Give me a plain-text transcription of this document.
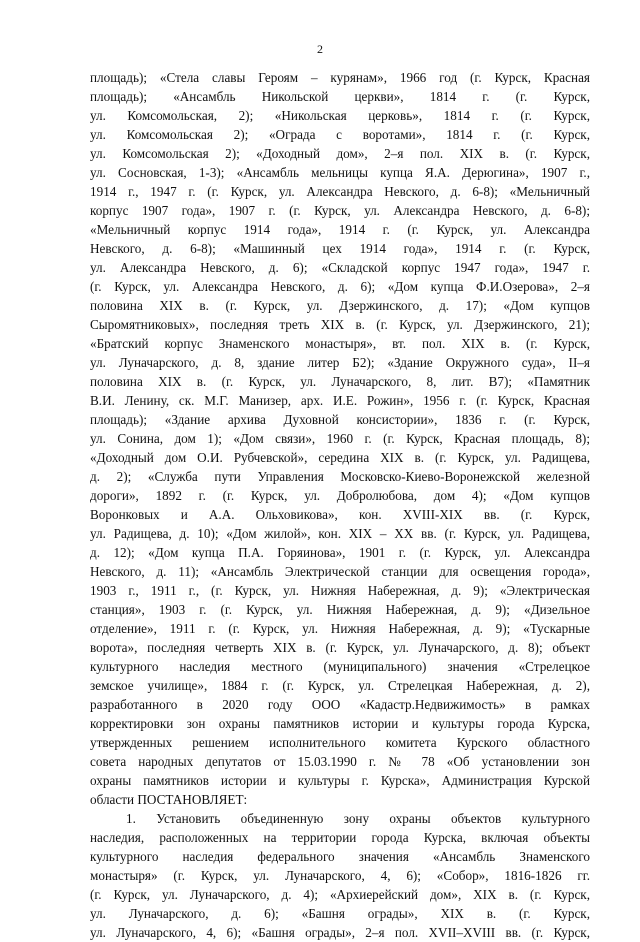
2
площадь); «Стела славы Героям – курянам», 1966 год (г. Курск, Красная
площадь); «Ансамбль Никольской церкви», 1814 г. (г. Курск,
ул. Комсомольская, 2); «Никольская церковь», 1814 г. (г. Курск,
ул. Комсомольская 2); «Ограда с воротами», 1814 г. (г. Курск,
ул. Комсомольская 2); «Доходный дом», 2–я пол. XIX в. (г. Курск,
ул. Сосновская, 1-3); «Ансамбль мельницы купца Я.А. Дерюгина», 1907 г.,
1914 г., 1947 г. (г. Курск, ул. Александра Невского, д. 6-8); «Мельничный
корпус 1907 года», 1907 г. (г. Курск, ул. Александра Невского, д. 6-8);
«Мельничный корпус 1914 года», 1914 г. (г. Курск, ул. Александра
Невского, д. 6-8); «Машинный цех 1914 года», 1914 г. (г. Курск,
ул. Александра Невского, д. 6); «Складской корпус 1947 года», 1947 г.
(г. Курск, ул. Александра Невского, д. 6); «Дом купца Ф.И.Озерова», 2–я
половина XIX в. (г. Курск, ул. Дзержинского, д. 17); «Дом купцов
Сыромятниковых», последняя треть XIX в. (г. Курск, ул. Дзержинского, 21);
«Братский корпус Знаменского монастыря», вт. пол. XIX в. (г. Курск,
ул. Луначарского, д. 8, здание литер Б2); «Здание Окружного суда», II–я
половина XIX в. (г. Курск, ул. Луначарского, 8, лит. В7); «Памятник
В.И. Ленину, ск. М.Г. Манизер, арх. И.Е. Рожин», 1956 г. (г. Курск, Красная
площадь); «Здание архива Духовной консистории», 1836 г. (г. Курск,
ул. Сонина, дом 1); «Дом связи», 1960 г. (г. Курск, Красная площадь, 8);
«Доходный дом О.И. Рубчевской», середина XIX в. (г. Курск, ул. Радищева,
д. 2); «Служба пути Управления Московско-Киево-Воронежской железной
дороги», 1892 г. (г. Курск, ул. Добролюбова, дом 4); «Дом купцов
Воронковых и А.А. Ольховикова», кон. XVIII-XIX вв. (г. Курск,
ул. Радищева, д. 10); «Дом жилой», кон. XIX – XX вв. (г. Курск, ул. Радищева,
д. 12); «Дом купца П.А. Горяинова», 1901 г. (г. Курск, ул. Александра
Невского, д. 11); «Ансамбль Электрической станции для освещения города»,
1903 г., 1911 г., (г. Курск, ул. Нижняя Набережная, д. 9); «Электрическая
станция», 1903 г. (г. Курск, ул. Нижняя Набережная, д. 9); «Дизельное
отделение», 1911 г. (г. Курск, ул. Нижняя Набережная, д. 9); «Тускарные
ворота», последняя четверть XIX в. (г. Курск, ул. Луначарского, д. 8); объект
культурного наследия местного (муниципального) значения «Стрелецкое
земское училище», 1884 г. (г. Курск, ул. Стрелецкая Набережная, д. 2),
разработанного в 2020 году ООО «Кадастр.Недвижимость» в рамках
корректировки зон охраны памятников истории и культуры города Курска,
утвержденных решением исполнительного комитета Курского областного
совета народных депутатов от 15.03.1990 г. № 78 «Об установлении зон
охраны памятников истории и культуры г. Курска», Администрация Курской
области ПОСТАНОВЛЯЕТ:
1. Установить объединенную зону охраны объектов культурного
наследия, расположенных на территории города Курска, включая объекты
культурного наследия федерального значения «Ансамбль Знаменского
монастыря» (г. Курск, ул. Луначарского, 4, 6); «Собор», 1816-1826 гг.
(г. Курск, ул. Луначарского, д. 4); «Архиерейский дом», XIX в. (г. Курск,
ул. Луначарского, д. 6); «Башня ограды», XIX в. (г. Курск,
ул. Луначарского, 4, 6); «Башня ограды», 2–я пол. XVII–XVIII вв. (г. Курск,
